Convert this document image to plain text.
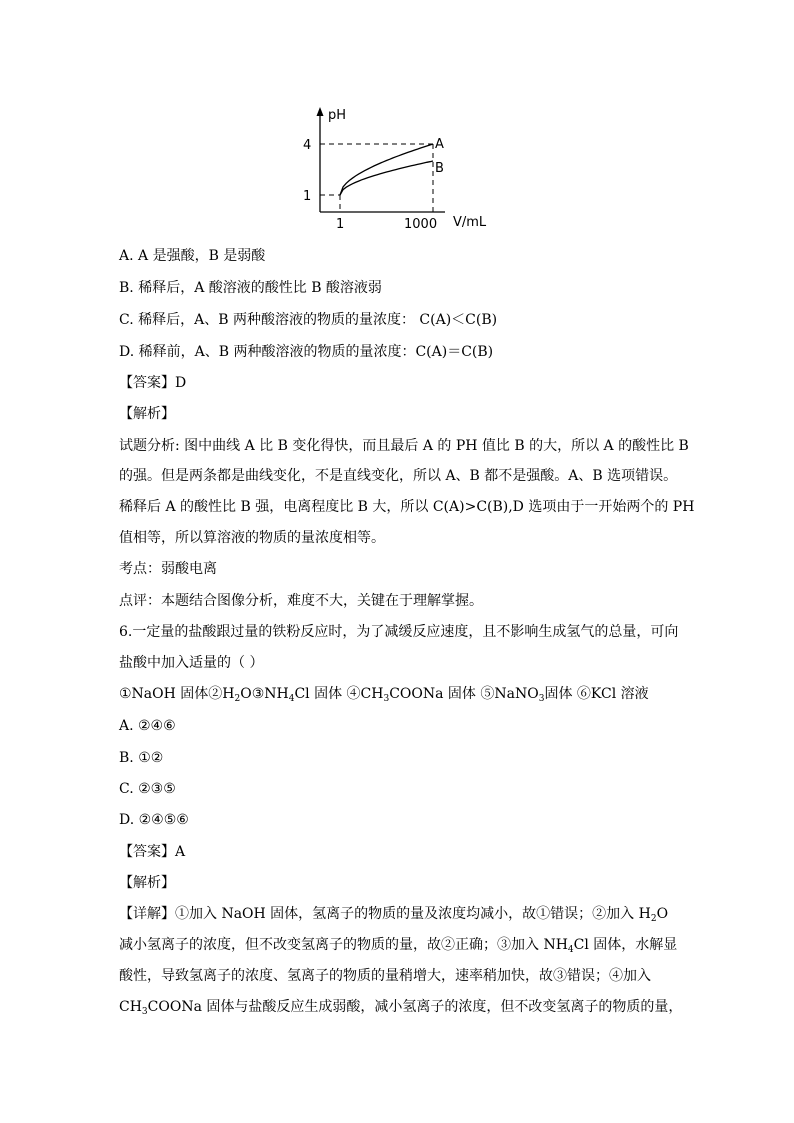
pH
V/mL
4
1
1	1000
A
B
A. A 是强酸，B 是弱酸
B. 稀释后，A 酸溶液的酸性比 B 酸溶液弱
C. 稀释后，A、B 两种酸溶液的物质的量浓度： C(A)＜C(B)
D. 稀释前，A、B 两种酸溶液的物质的量浓度：C(A)＝C(B)
【答案】D
【解析】
试题分析: 图中曲线 A 比 B 变化得快，而且最后 A 的 PH 值比 B 的大，所以 A 的酸性比 B
的强。但是两条都是曲线变化，不是直线变化，所以 A、B 都不是强酸。A、B 选项错误。
稀释后 A 的酸性比 B 强，电离程度比 B 大，所以 C(A)>C(B),D 选项由于一开始两个的 PH
值相等，所以算溶液的物质的量浓度相等。
考点：弱酸电离
点评：本题结合图像分析，难度不大，关键在于理解掌握。
6.一定量的盐酸跟过量的铁粉反应时，为了减缓反应速度，且不影响生成氢气的总量，可向
盐酸中加入适量的（ ）
①NaOH 固体$②H_2O③NH_4Cl$ 固体 $④CH_3COONa$ 固体 ⑤NaNO$_3$固体 ⑥KCl 溶液
A. ②④⑥
B. ①②
C. ②③⑤
D. ②④⑤⑥
【答案】A
【解析】
【详解】①加入 NaOH 固体，氢离子的物质的量及浓度均减小，故①错误；②加入 $H_2O$
减小氢离子的浓度，但不改变氢离子的物质的量，故②正确；③加入 $NH_4Cl$ 固体，水解显
酸性，导致氢离子的浓度、氢离子的物质的量稍增大，速率稍加快，故③错误；④加入
$CH_3COONa$ 固体与盐酸反应生成弱酸，减小氢离子的浓度，但不改变氢离子的物质的量，
